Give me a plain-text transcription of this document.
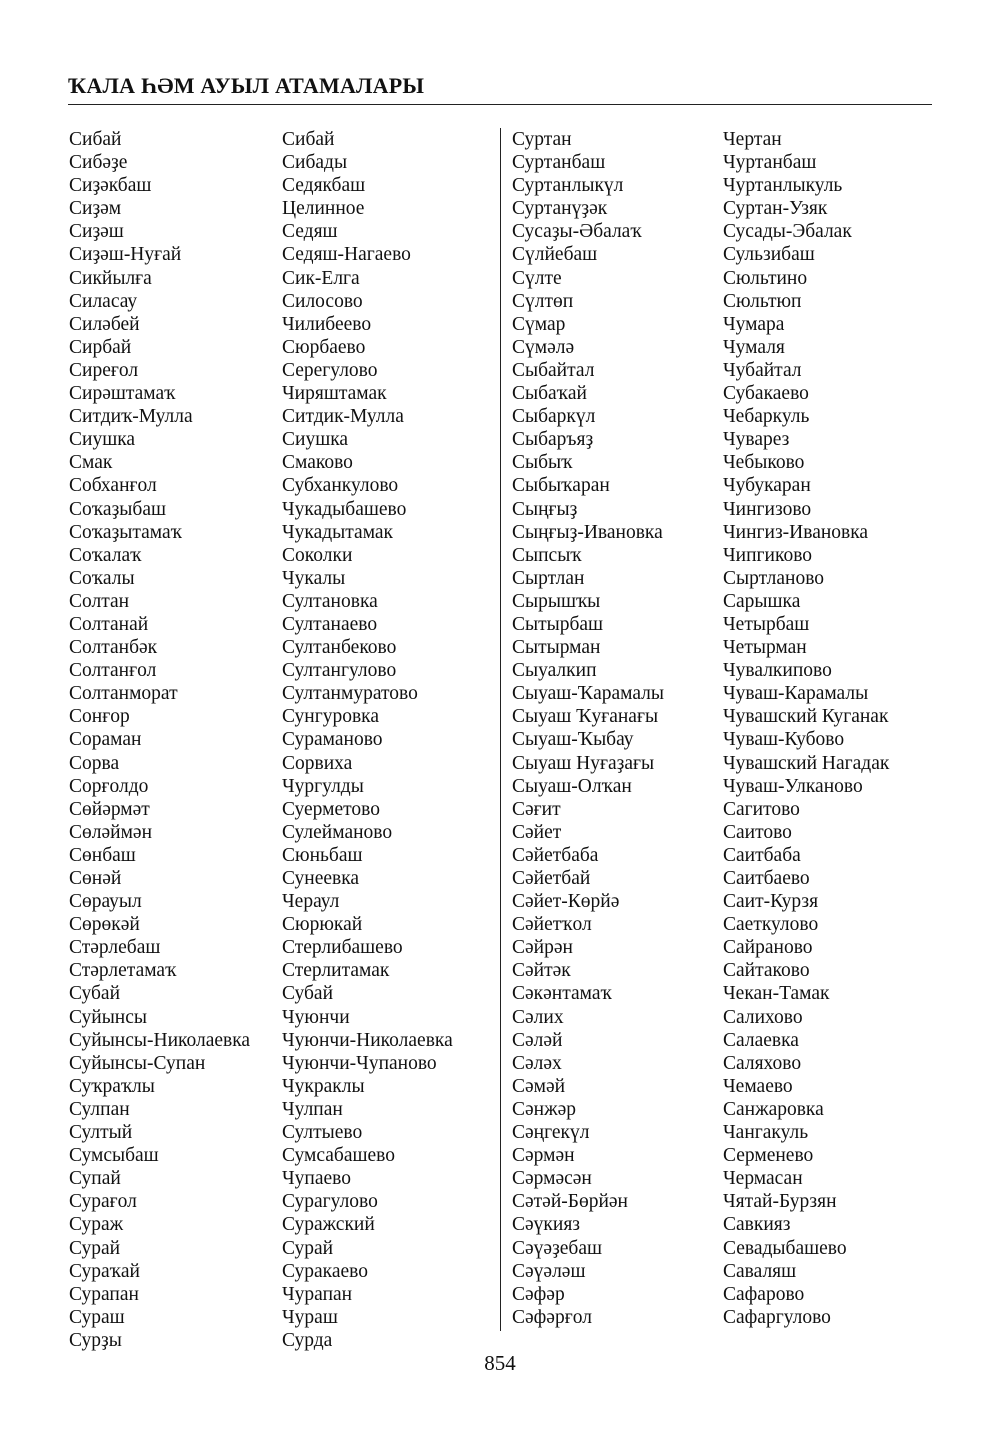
ҠАЛА ҺӘМ АУЫЛ АТАМАЛАРЫ
Сибай
Сибәҙе
Сиҙәкбаш
Сиҙәм
Сиҙәш
Сиҙәш-Нуғай
Сикйылға
Силасау
Силәбей
Сирбай
Сиреғол
Сирәштамаҡ
Ситдиҡ-Мулла
Сиушка
Смак
Собханғол
Соҡаҙыбаш
Соҡаҙытамаҡ
Соҡалаҡ
Соҡалы
Солтан
Солтанай
Солтанбәк
Солтанғол
Солтанморат
Сонғор
Сораман
Сорва
Сорғолдо
Сөйәрмәт
Сөләймән
Сөнбаш
Сөнәй
Сөрауыл
Сөрөкәй
Стәрлебаш
Стәрлетамаҡ
Субай
Суйынсы
Суйынсы-Николаевка
Суйынсы-Супан
Суҡраҡлы
Сулпан
Султый
Сумсыбаш
Супай
Сурағол
Сураж
Сурай
Сураҡай
Сурапан
Сураш
Сурҙы
Сибай
Сибады
Седякбаш
Целинное
Седяш
Седяш-Нагаево
Сик-Елга
Силосово
Чилибеево
Сюрбаево
Серегулово
Чиряштамак
Ситдик-Мулла
Сиушка
Смаково
Субханкулово
Чукадыбашево
Чукадытамак
Соколки
Чукалы
Султановка
Султанаево
Султанбеково
Султангулово
Султанмуратово
Сунгуровка
Сураманово
Сорвиха
Чургулды
Суерметово
Сулейманово
Сюньбаш
Сунеевка
Чераул
Сюрюкай
Стерлибашево
Стерлитамак
Субай
Чуюнчи
Чуюнчи-Николаевка
Чуюнчи-Чупаново
Чукраклы
Чулпан
Султыево
Сумсабашево
Чупаево
Сурагулово
Суражский
Сурай
Суракаево
Чурапан
Чураш
Сурда
Суртан
Суртанбаш
Суртанлыкүл
Суртанүҙәк
Сусаҙы-Әбалаҡ
Сүлйебаш
Сүлте
Сүлтөп
Сүмар
Сүмәлә
Сыбайтал
Сыбаҡай
Сыбаркүл
Сыбаръяҙ
Сыбыҡ
Сыбыҡаран
Сыңғыҙ
Сыңғыҙ-Ивановка
Сыпсыҡ
Сыртлан
Сырышҡы
Сытырбаш
Сытырман
Сыуалкип
Сыуаш-Ҡарамалы
Сыуаш Ҡуғанағы
Сыуаш-Ҡыбау
Сыуаш Нуғаҙағы
Сыуаш-Олҡан
Сәғит
Сәйет
Сәйетбаба
Сәйетбай
Сәйет-Көрйә
Сәйетҡол
Сәйрән
Сәйтәк
Сәкәнтамаҡ
Сәлих
Сәләй
Сәләх
Сәмәй
Сәнжәр
Сәңгекүл
Сәрмән
Сәрмәсән
Сәтәй-Бөрйән
Сәүкияз
Сәүәҙебаш
Сәүәләш
Сәфәр
Сәфәрғол
Чертан
Чуртанбаш
Чуртанлыкуль
Суртан-Узяк
Сусады-Эбалак
Сульзибаш
Сюльтино
Сюльтюп
Чумара
Чумаля
Чубайтал
Субакаево
Чебаркуль
Чуварез
Чебыково
Чубукаран
Чингизово
Чингиз-Ивановка
Чипгиково
Сыртланово
Сарышка
Четырбаш
Четырман
Чувалкипово
Чуваш-Карамалы
Чувашский Куганак
Чуваш-Кубово
Чувашский Нагадак
Чуваш-Улканово
Сагитово
Саитово
Саитбаба
Саитбаево
Саит-Курзя
Саеткулово
Сайраново
Сайтаково
Чекан-Тамак
Салихово
Салаевка
Саляхово
Чемаево
Санжаровка
Чангакуль
Серменево
Чермасан
Чятай-Бурзян
Савкияз
Севадыбашево
Саваляш
Сафарово
Сафаргулово
854
